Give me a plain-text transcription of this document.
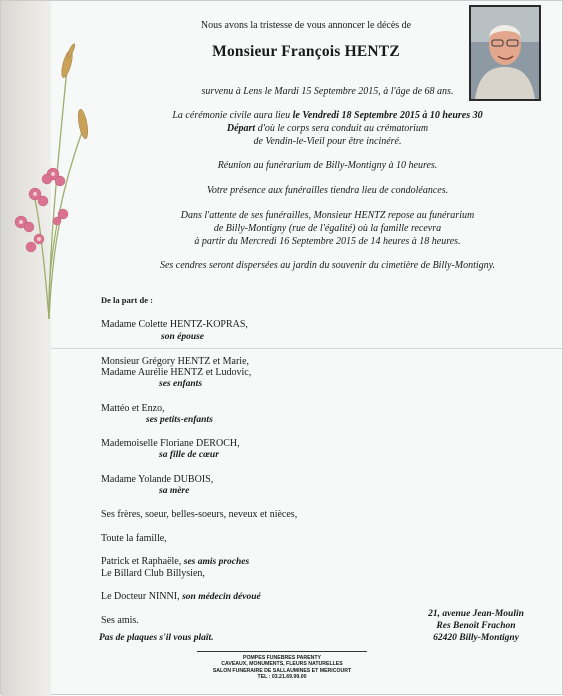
Nous avons la tristesse de vous annoncer le décès de
Monsieur François HENTZ
survenu à Lens le Mardi 15 Septembre 2015, à l'âge de 68 ans.
La cérémonie civile aura lieu le Vendredi 18 Septembre 2015 à 10 heures 30
Départ d'où le corps sera conduit au crématorium
de Vendin-le-Vieil pour être incinéré.
Réunion au funérarium de Billy-Montigny à 10 heures.
Votre présence aux funérailles tiendra lieu de condoléances.
Dans l'attente de ses funérailles, Monsieur HENTZ repose au funérarium
de Billy-Montigny (rue de l'égalité) où la famille recevra
à partir du Mercredi 16 Septembre 2015 de 14 heures à 18 heures.
Ses cendres seront dispersées au jardin du souvenir du cimetière de Billy-Montigny.
De la part de :
Madame Colette HENTZ-KOPRAS,
son épouse
Monsieur Grégory HENTZ et Marie,
Madame Aurélie HENTZ et Ludovic,
ses enfants
Mattéo et Enzo,
ses petits-enfants
Mademoiselle Floriane DEROCH,
sa fille de cœur
Madame Yolande DUBOIS,
sa mère
Ses frères, soeur, belles-soeurs, neveux et nièces,
Toute la famille,
Patrick et Raphaële, ses amis proches
Le Billard Club Billysien,
Le Docteur NINNI, son médecin dévoué
Ses amis.
Pas de plaques s'il vous plaît.
21, avenue Jean-Moulin
Res Benoît Frachon
62420 Billy-Montigny
POMPES FUNEBRES PARENTY
CAVEAUX, MONUMENTS, FLEURS NATURELLES
SALON FUNERAIRE DE SALLAUMINES ET MERICOURT
TEL : 03.21.69.99.00
